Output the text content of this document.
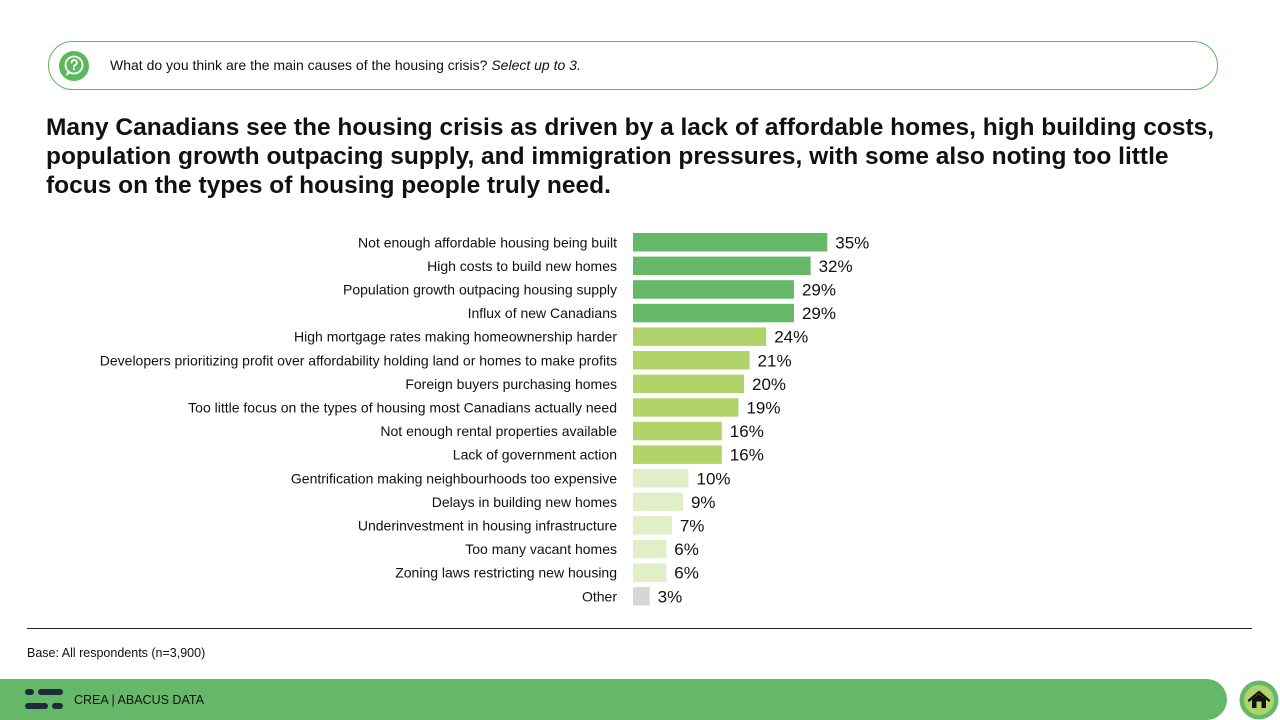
What do you think are the main causes of the housing crisis? Select up to 3.
Many Canadians see the housing crisis as driven by a lack of affordable homes, high building costs, population growth outpacing supply, and immigration pressures, with some also noting too little focus on the types of housing people truly need.
Not enough affordable housing being built	35%
High costs to build new homes	32%
Population growth outpacing housing supply	29%
Influx of new Canadians	29%
High mortgage rates making homeownership harder	24%
Developers prioritizing profit over affordability holding land or homes to make profits	21%
Foreign buyers purchasing homes	20%
Too little focus on the types of housing most Canadians actually need	19%
Not enough rental properties available	16%
Lack of government action	16%
Gentrification making neighbourhoods too expensive	10%
Delays in building new homes	9%
Underinvestment in housing infrastructure	7%
Too many vacant homes	6%
Zoning laws restricting new housing	6%
Other 3%
Base: All respondents (n=3,900)
CREA | ABACUS DATA
